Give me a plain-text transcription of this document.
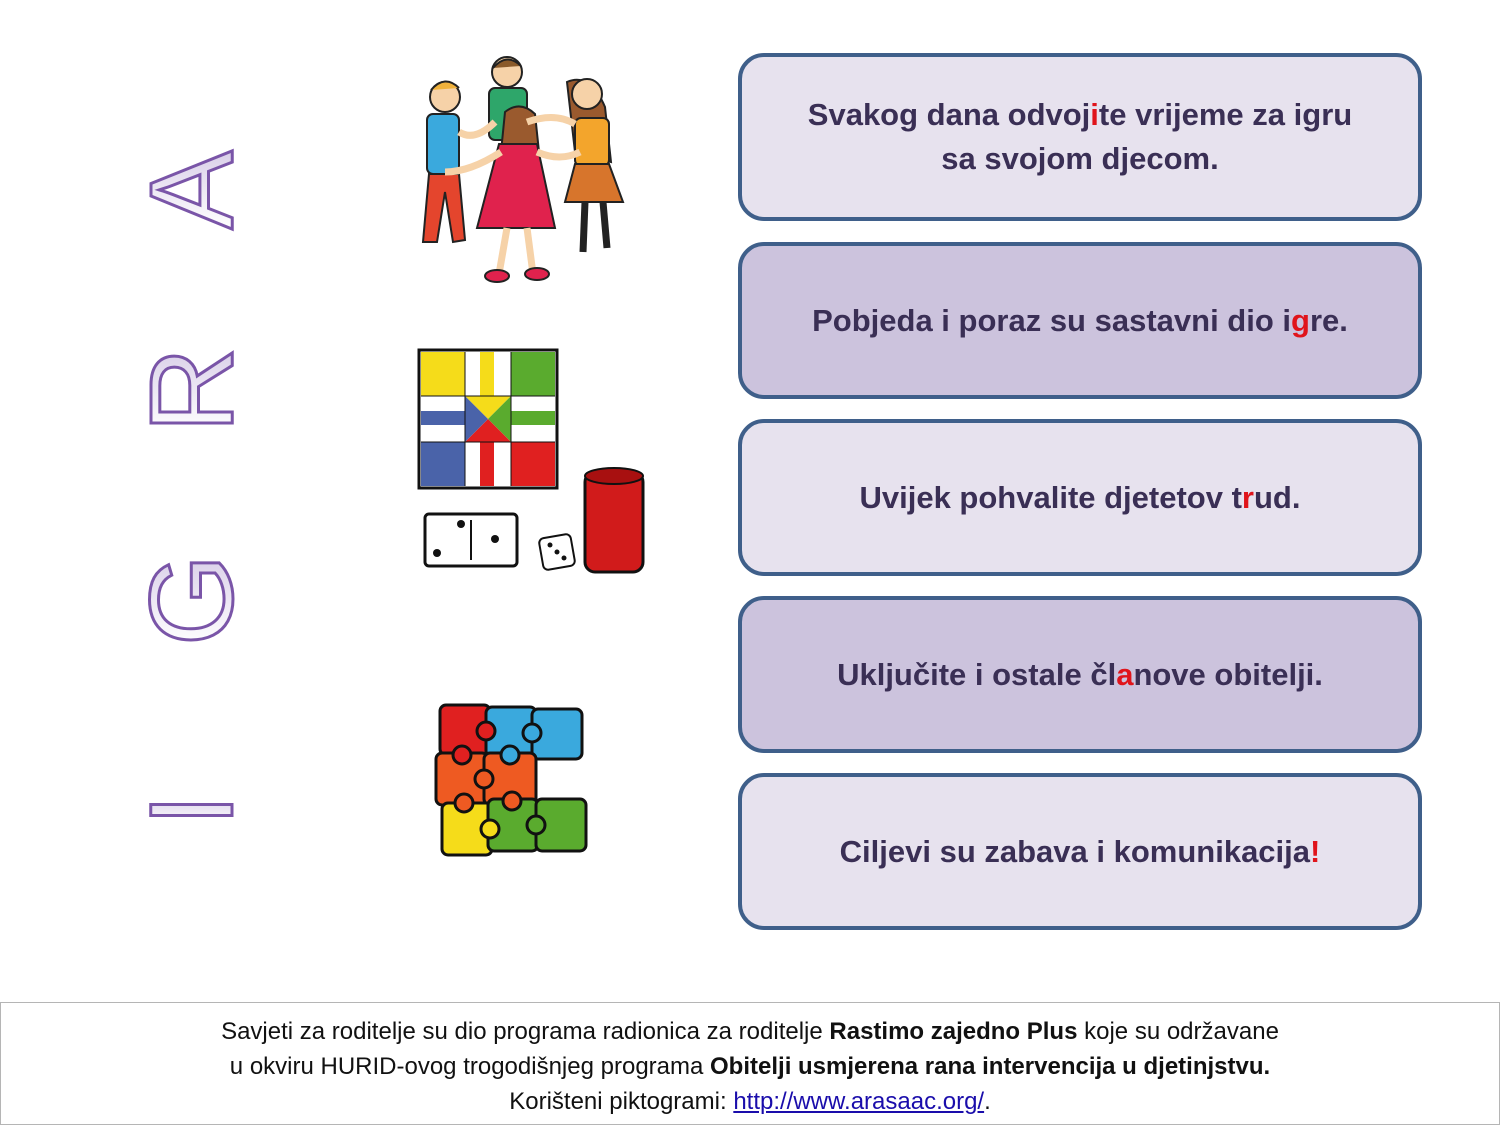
I
G
R
A
Svakog dana odvojite vrijeme za igru
sa svojom djecom.
Pobjeda i poraz su sastavni dio igre.
Uvijek pohvalite djetetov trud.
Uključite i ostale članove obitelji.
Ciljevi su zabava i komunikacija!
Savjeti za roditelje su dio programa radionica za roditelje Rastimo zajedno Plus koje su održavane
u okviru HURID-ovog trogodišnjeg programa Obitelji usmjerena rana intervencija u djetinjstvu.
Korišteni piktogrami: http://www.arasaac.org/.
